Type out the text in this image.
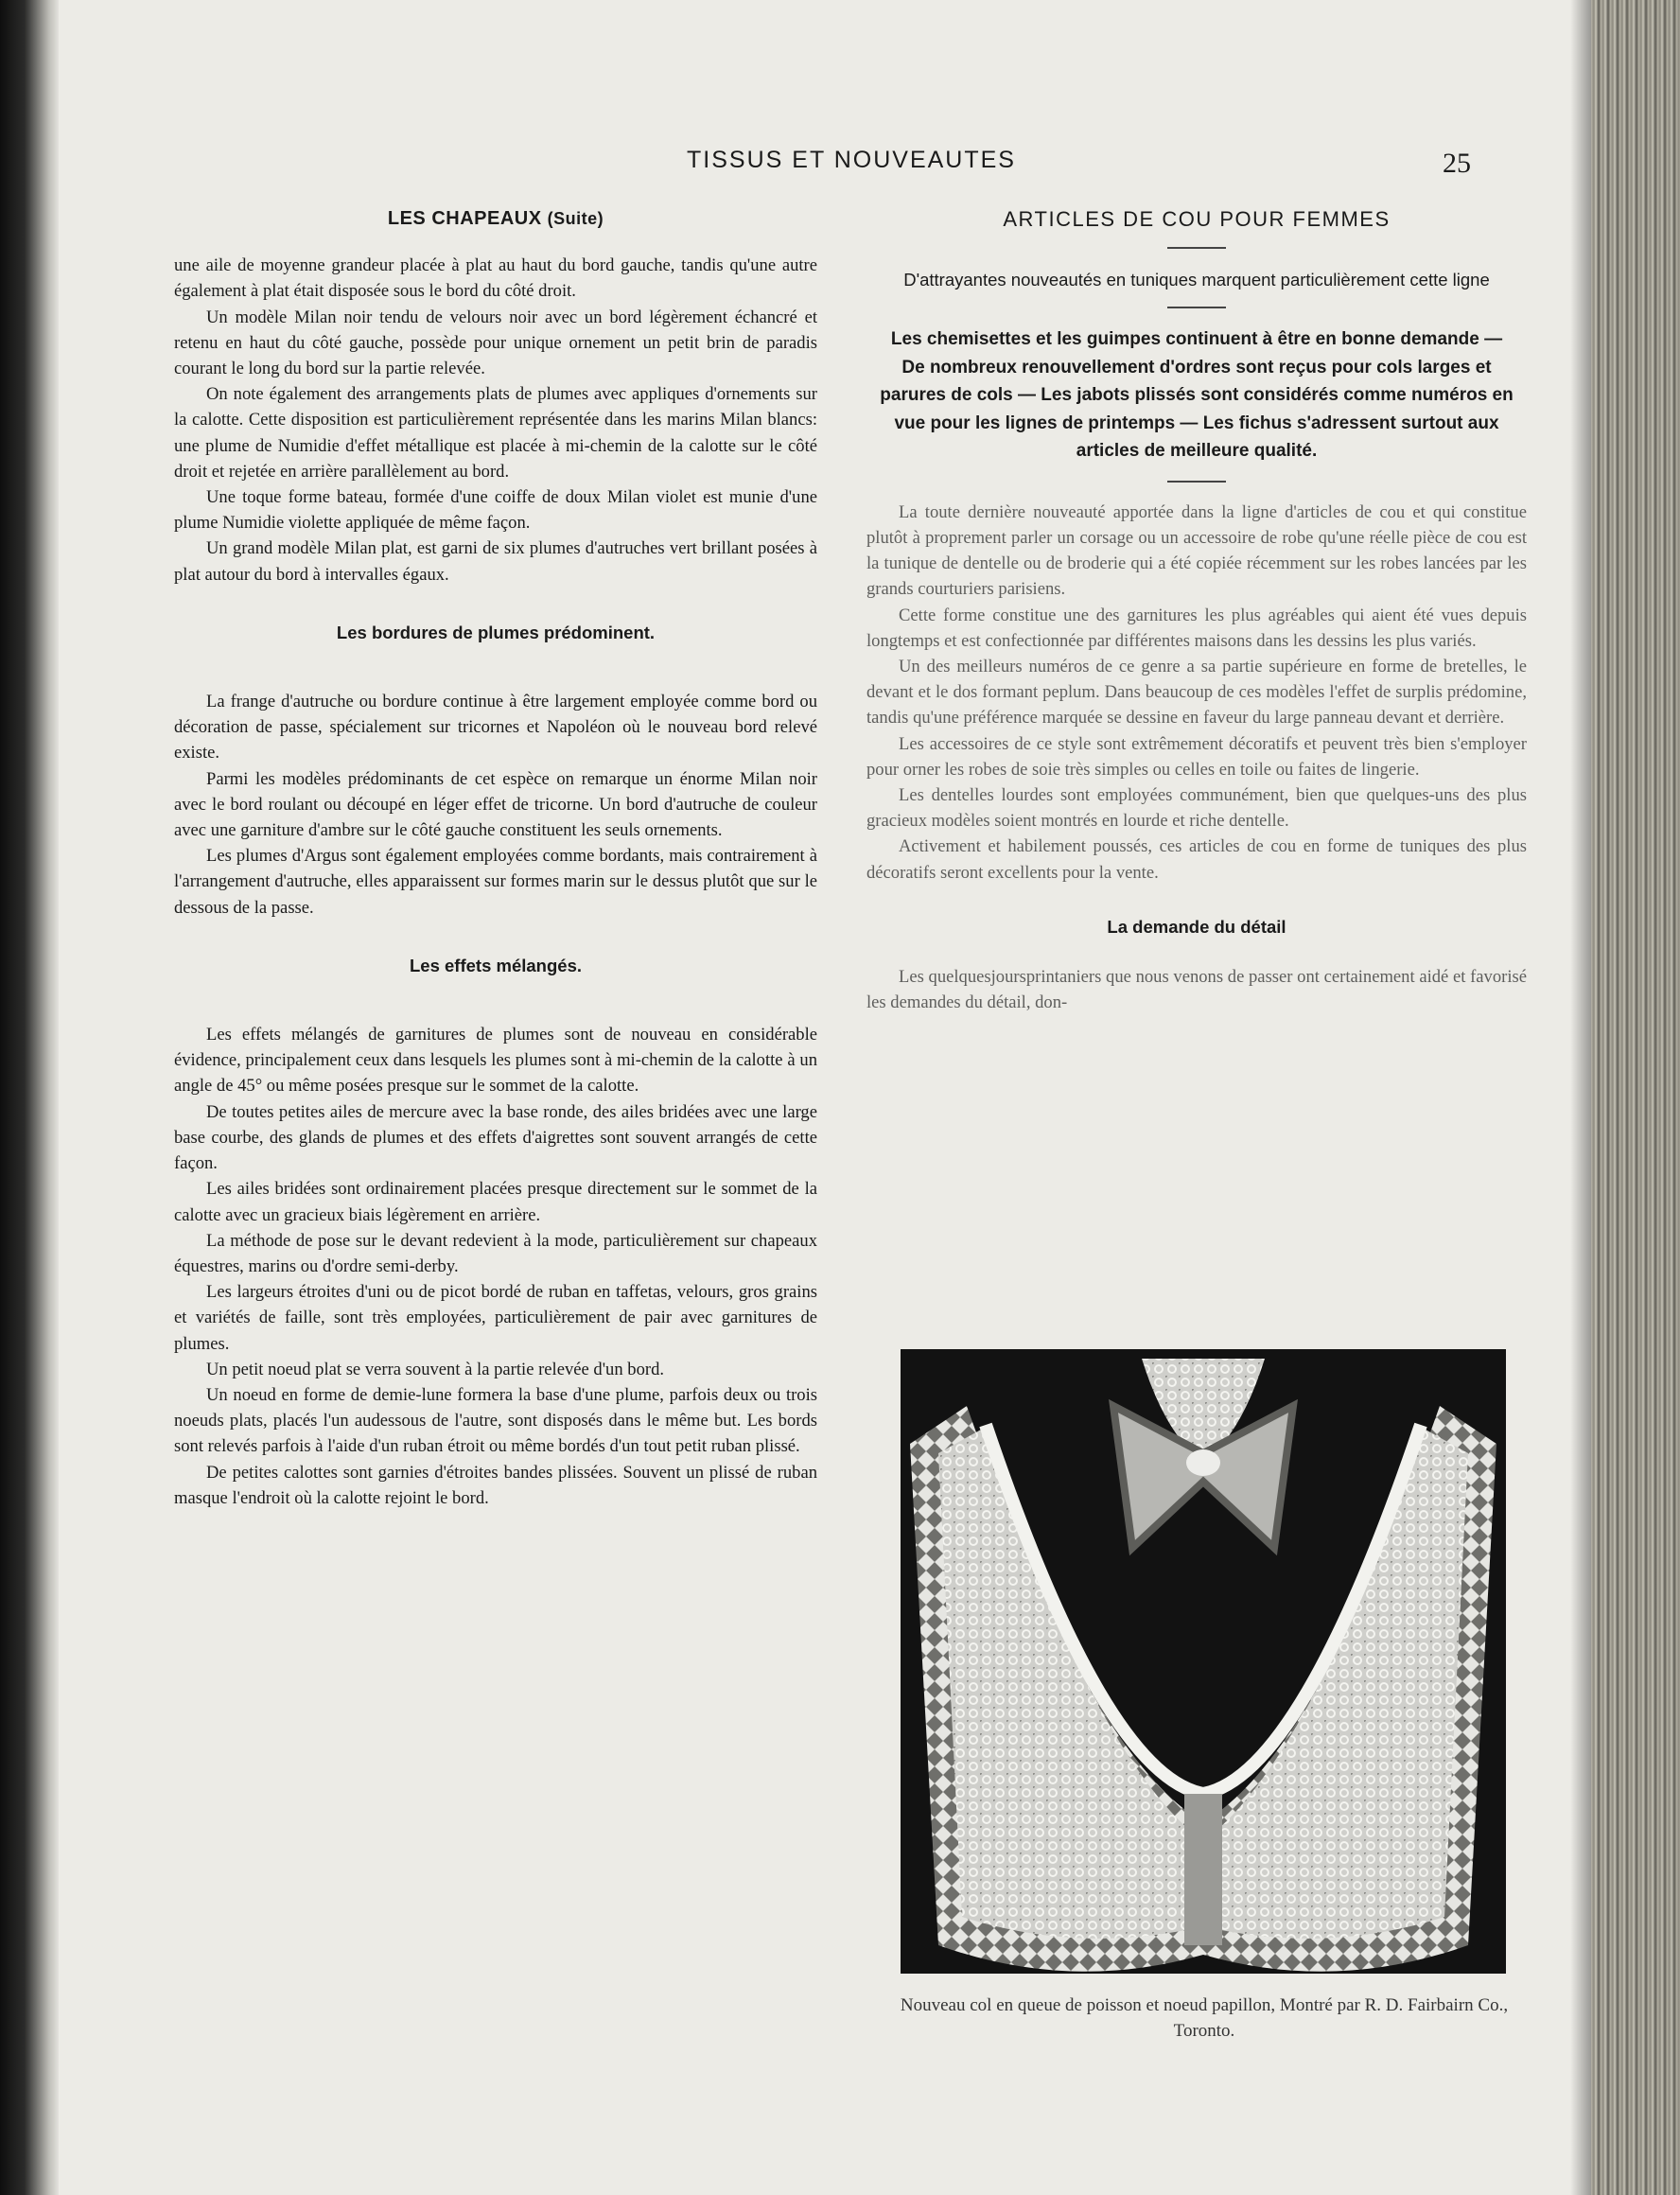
TISSUS ET NOUVEAUTES	25
LES CHAPEAUX (Suite)

une aile de moyenne grandeur placée à plat au haut du bord gauche, tandis qu'une autre également à plat était disposée sous le bord du côté droit.

Un modèle Milan noir tendu de velours noir avec un bord légèrement échancré et retenu en haut du côté gauche, possède pour unique ornement un petit brin de paradis courant le long du bord sur la partie relevée.

On note également des arrangements plats de plumes avec appliques d'ornements sur la calotte. Cette disposition est particulièrement représentée dans les marins Milan blancs: une plume de Numidie d'effet métallique est placée à mi-chemin de la calotte sur le côté droit et rejetée en arrière parallèlement au bord.

Une toque forme bateau, formée d'une coiffe de doux Milan violet est munie d'une plume Numidie violette appliquée de même façon.

Un grand modèle Milan plat, est garni de six plumes d'autruches vert brillant posées à plat autour du bord à intervalles égaux.

Les bordures de plumes prédominent.

La frange d'autruche ou bordure continue à être largement employée comme bord ou décoration de passe, spécialement sur tricornes et Napoléon où le nouveau bord relevé existe.

Parmi les modèles prédominants de cet espèce on remarque un énorme Milan noir avec le bord roulant ou découpé en léger effet de tricorne. Un bord d'autruche de couleur avec une garniture d'ambre sur le côté gauche constituent les seuls ornements.

Les plumes d'Argus sont également employées comme bordants, mais contrairement à l'arrangement d'autruche, elles apparaissent sur formes marin sur le dessus plutôt que sur le dessous de la passe.

Les effets mélangés.

Les effets mélangés de garnitures de plumes sont de nouveau en considérable évidence, principalement ceux dans lesquels les plumes sont à mi-chemin de la calotte à un angle de 45° ou même posées presque sur le sommet de la calotte.

De toutes petites ailes de mercure avec la base ronde, des ailes bridées avec une large base courbe, des glands de plumes et des effets d'aigrettes sont souvent arrangés de cette façon.

Les ailes bridées sont ordinairement placées presque directement sur le sommet de la calotte avec un gracieux biais légèrement en arrière.

La méthode de pose sur le devant redevient à la mode, particulièrement sur chapeaux équestres, marins ou d'ordre semi-derby.

Les largeurs étroites d'uni ou de picot bordé de ruban en taffetas, velours, gros grains et variétés de faille, sont très employées, particulièrement de pair avec garnitures de plumes.

Un petit noeud plat se verra souvent à la partie relevée d'un bord.

Un noeud en forme de demie-lune formera la base d'une plume, parfois deux ou trois noeuds plats, placés l'un audessous de l'autre, sont disposés dans le même but. Les bords sont relevés parfois à l'aide d'un ruban étroit ou même bordés d'un tout petit ruban plissé.

De petites calottes sont garnies d'étroites bandes plissées. Souvent un plissé de ruban masque l'endroit où la calotte rejoint le bord.

ARTICLES DE COU POUR FEMMES
D'attrayantes nouveautés en tuniques marquent particulièrement cette ligne
Les chemisettes et les guimpes continuent à être en bonne demande — De nombreux renouvellement d'ordres sont reçus pour cols larges et parures de cols — Les jabots plissés sont considérés comme numéros en vue pour les lignes de printemps — Les fichus s'adressent surtout aux articles de meilleure qualité.

La toute dernière nouveauté apportée dans la ligne d'articles de cou et qui constitue plutôt à proprement parler un corsage ou un accessoire de robe qu'une réelle pièce de cou est la tunique de dentelle ou de broderie qui a été copiée récemment sur les robes lancées par les grands courturiers parisiens.

Cette forme constitue une des garnitures les plus agréables qui aient été vues depuis longtemps et est confectionnée par différentes maisons dans les dessins les plus variés.

Un des meilleurs numéros de ce genre a sa partie supérieure en forme de bretelles, le devant et le dos formant peplum. Dans beaucoup de ces modèles l'effet de surplis prédomine, tandis qu'une préférence marquée se dessine en faveur du large panneau devant et derrière.

Les accessoires de ce style sont extrêmement décoratifs et peuvent très bien s'employer pour orner les robes de soie très simples ou celles en toile ou faites de lingerie.

Les dentelles lourdes sont employées communément, bien que quelques-uns des plus gracieux modèles soient montrés en lourde et riche dentelle.

Activement et habilement poussés, ces articles de cou en forme de tuniques des plus décoratifs seront excellents pour la vente.

La demande du détail

Les quelquesjoursprintaniers que nous venons de passer ont certainement aidé et favorisé les demandes du détail, don-

Nouveau col en queue de poisson et noeud papillon, Montré par R. D. Fairbairn Co., Toronto.
